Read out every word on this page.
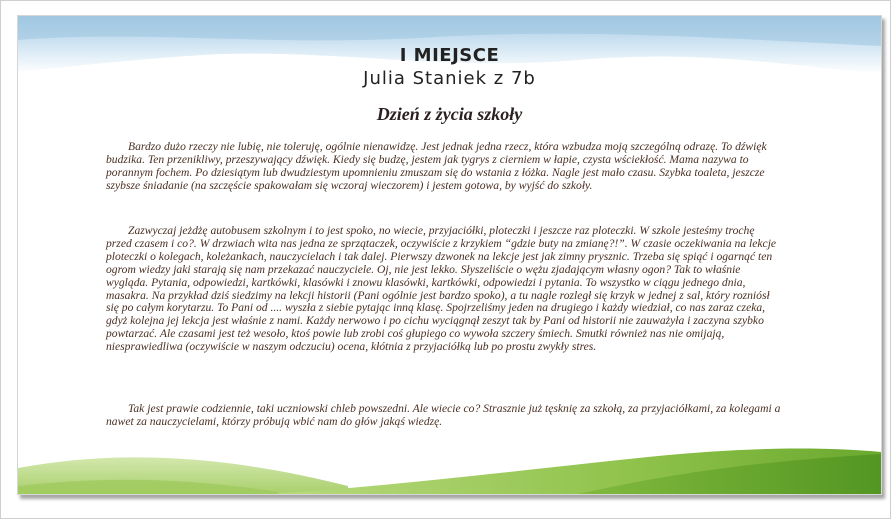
I MIEJSCE
Julia Staniek z 7b
Dzień z życia szkoły

Bardzo dużo rzeczy nie lubię, nie toleruję, ogólnie nienawidzę. Jest jednak jedna rzecz, która wzbudza moją szczególną odrazę. To dźwięk budzika. Ten przenikliwy, przeszywający dźwięk. Kiedy się budzę, jestem jak tygrys z cierniem w łapie, czysta wściekłość. Mama nazywa to porannym fochem. Po dziesiątym lub dwudziestym upomnieniu zmuszam się do wstania z łóżka. Nagle jest mało czasu. Szybka toaleta, jeszcze szybsze śniadanie (na szczęście spakowałam się wczoraj wieczorem) i jestem gotowa, by wyjść do szkoły.

Zazwyczaj jeżdżę autobusem szkolnym i to jest spoko, no wiecie, przyjaciółki, ploteczki i jeszcze raz ploteczki. W szkole jesteśmy trochę przed czasem i co?. W drzwiach wita nas jedna ze sprzątaczek, oczywiście z krzykiem “gdzie buty na zmianę?!”. W czasie oczekiwania na lekcje ploteczki o kolegach, koleżankach, nauczycielach i tak dalej. Pierwszy dzwonek na lekcje jest jak zimny prysznic. Trzeba się spiąć i ogarnąć ten ogrom wiedzy jaki starają się nam przekazać nauczyciele. Oj, nie jest lekko. Słyszeliście o wężu zjadającym własny ogon? Tak to właśnie wygląda. Pytania, odpowiedzi, kartkówki, klasówki i znowu klasówki, kartkówki, odpowiedzi i pytania. To wszystko w ciągu jednego dnia, masakra. Na przykład dziś siedzimy na lekcji historii (Pani ogólnie jest bardzo spoko), a tu nagle rozległ się krzyk w jednej z sal, który rozniósł się po całym korytarzu. To Pani od .... wyszła z siebie pytając inną klasę. Spojrzeliśmy jeden na drugiego i każdy wiedział, co nas zaraz czeka, gdyż kolejna jej lekcja jest właśnie z nami. Każdy nerwowo i po cichu wyciągnął zeszyt tak by Pani od historii nie zauważyła i zaczyna szybko powtarzać. Ale czasami jest też wesoło, ktoś powie lub zrobi coś głupiego co wywoła szczery śmiech. Smutki również nas nie omijają, niesprawiedliwa (oczywiście w naszym odczuciu) ocena, kłótnia z przyjaciółką lub po prostu zwykły stres.

Tak jest prawie codziennie, taki uczniowski chleb powszedni. Ale wiecie co? Strasznie już tęsknię za szkołą, za przyjaciółkami, za kolegami a nawet za nauczycielami, którzy próbują wbić nam do głów jakąś wiedzę.
